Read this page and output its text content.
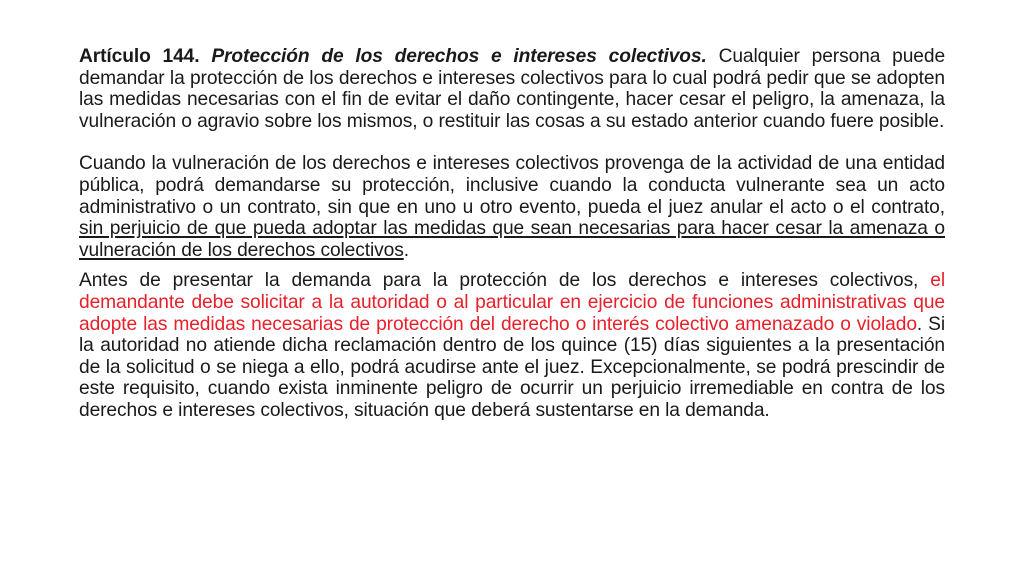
Artículo 144. Protección de los derechos e intereses colectivos. Cualquier persona puede demandar la protección de los derechos e intereses colectivos para lo cual podrá pedir que se adopten las medidas necesarias con el fin de evitar el daño contingente, hacer cesar el peligro, la amenaza, la vulneración o agravio sobre los mismos, o restituir las cosas a su estado anterior cuando fuere posible.

Cuando la vulneración de los derechos e intereses colectivos provenga de la actividad de una entidad pública, podrá demandarse su protección, inclusive cuando la conducta vulnerante sea un acto administrativo o un contrato, sin que en uno u otro evento, pueda el juez anular el acto o el contrato, sin perjuicio de que pueda adoptar las medidas que sean necesarias para hacer cesar la amenaza o vulneración de los derechos colectivos.

Antes de presentar la demanda para la protección de los derechos e intereses colectivos, el demandante debe solicitar a la autoridad o al particular en ejercicio de funciones administrativas que adopte las medidas necesarias de protección del derecho o interés colectivo amenazado o violado. Si la autoridad no atiende dicha reclamación dentro de los quince (15) días siguientes a la presentación de la solicitud o se niega a ello, podrá acudirse ante el juez. Excepcionalmente, se podrá prescindir de este requisito, cuando exista inminente peligro de ocurrir un perjuicio irremediable en contra de los derechos e intereses colectivos, situación que deberá sustentarse en la demanda.
